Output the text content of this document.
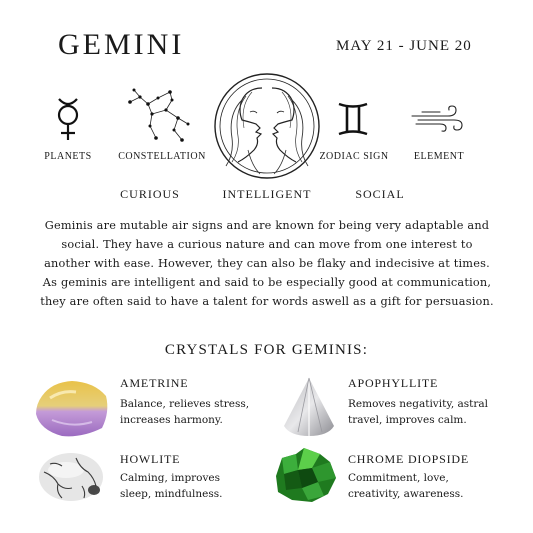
GEMINI	MAY 21 - JUNE 20
PLANETS	CONSTELLATION	ZODIAC SIGN	ELEMENT
CURIOUS	INTELLIGENT	SOCIAL
Geminis are mutable air signs and are known for being very adaptable and social. They have a curious nature and can move from one interest to another with ease. However, they can also be flaky and indecisive at times. As geminis are intelligent and said to be especially good at communication, they are often said to have a talent for words aswell as a gift for persuasion.
CRYSTALS FOR GEMINIS:
AMETRINE
Balance, relieves stress, increases harmony.
APOPHYLLITE
Removes negativity, astral travel, improves calm.
HOWLITE
Calming, improves sleep, mindfulness.
CHROME DIOPSIDE
Commitment, love, creativity, awareness.
